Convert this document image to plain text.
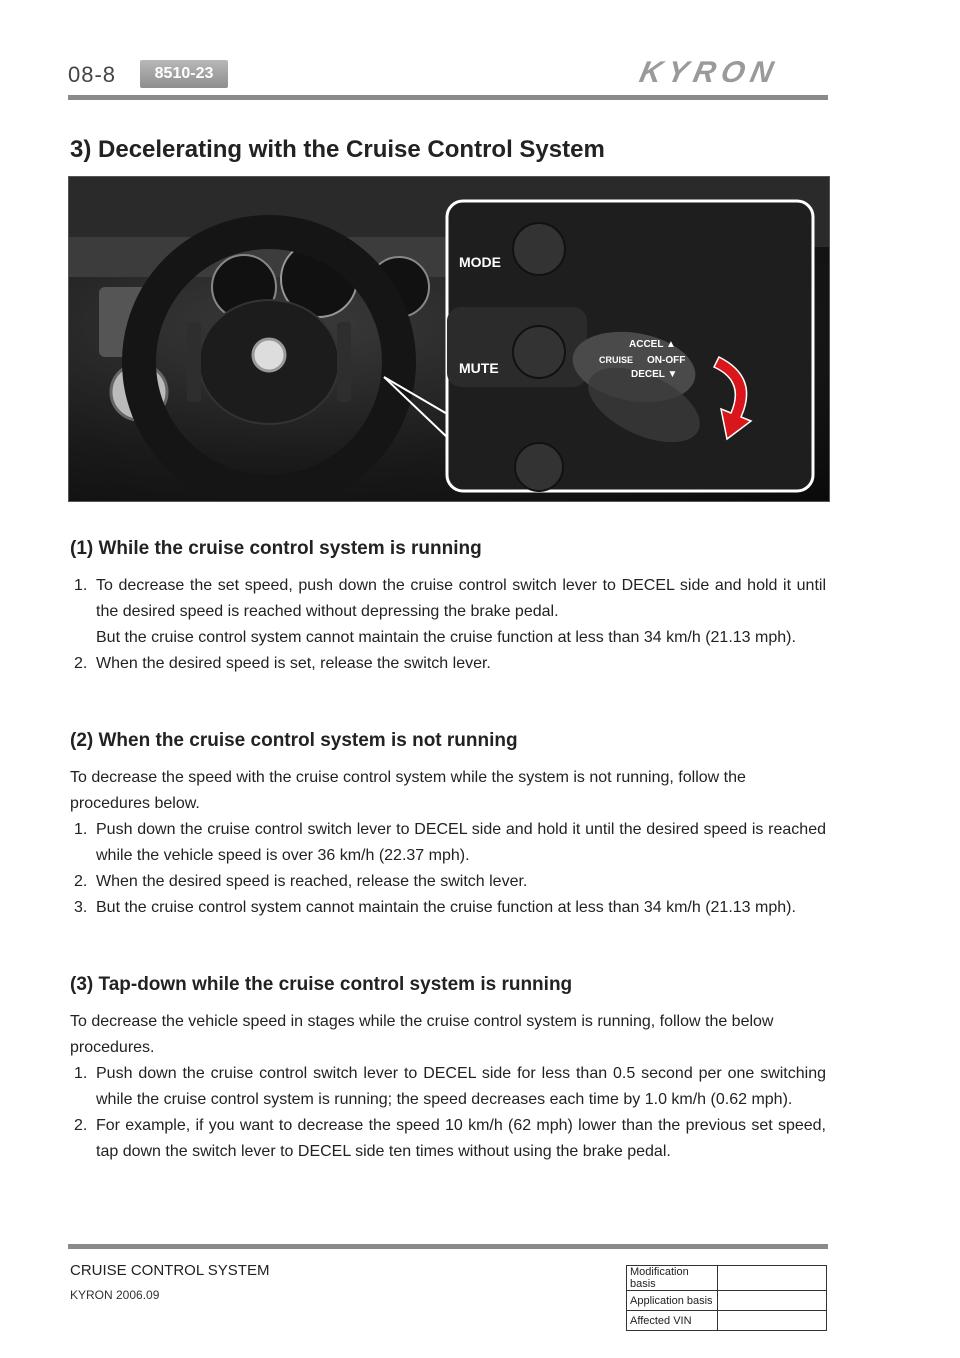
08-8	8510-23	KYRON
3) Decelerating with the Cruise Control System
MODE
MUTE
ACCEL ▲
CRUISE ON-OFF
DECEL ▼
(1) While the cruise control system is running
1. To decrease the set speed, push down the cruise control switch lever to DECEL side and hold it until the desired speed is reached without depressing the brake pedal.
But the cruise control system cannot maintain the cruise function at less than 34 km/h (21.13 mph).
2. When the desired speed is set, release the switch lever.
(2) When the cruise control system is not running

To decrease the speed with the cruise control system while the system is not running, follow the procedures below.

1. Push down the cruise control switch lever to DECEL side and hold it until the desired speed is reached while the vehicle speed is over 36 km/h (22.37 mph).
2. When the desired speed is reached, release the switch lever.
3. But the cruise control system cannot maintain the cruise function at less than 34 km/h (21.13 mph).
(3) Tap-down while the cruise control system is running

To decrease the vehicle speed in stages while the cruise control system is running, follow the below procedures.

1. Push down the cruise control switch lever to DECEL side for less than 0.5 second per one switching while the cruise control system is running; the speed decreases each time by 1.0 km/h (0.62 mph).
2. For example, if you want to decrease the speed 10 km/h (62 mph) lower than the previous set speed, tap down the switch lever to DECEL side ten times without using the brake pedal.
CRUISE CONTROL SYSTEM
KYRON 2006.09
Modification basis	
Application basis	
Affected VIN	
